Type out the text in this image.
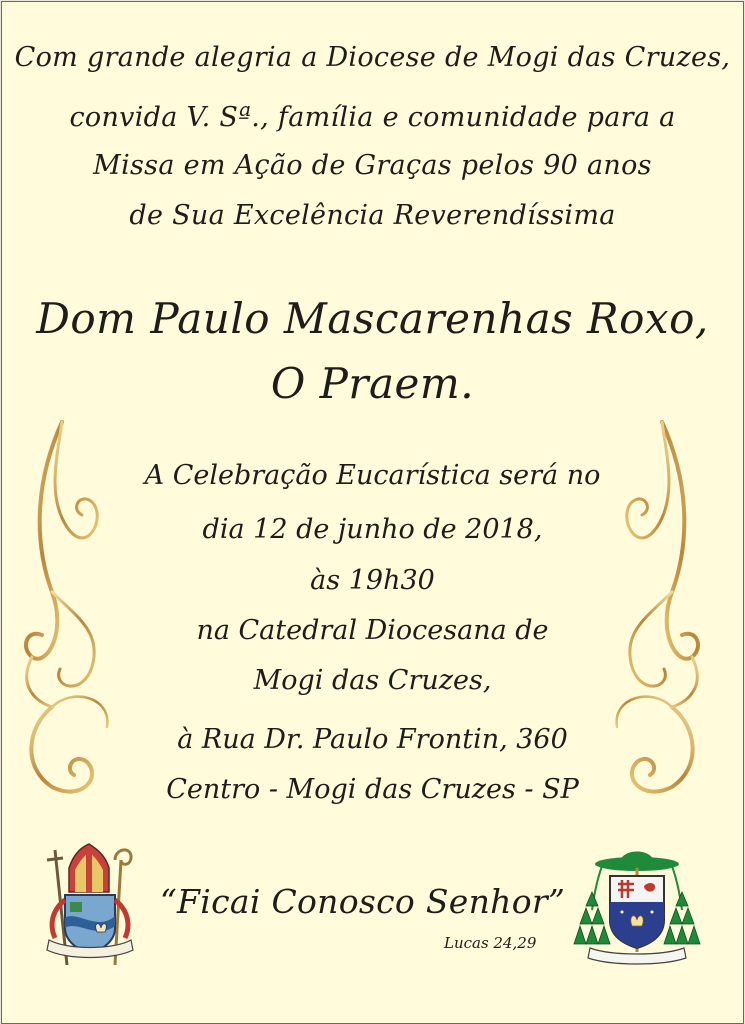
Com grande alegria a Diocese de Mogi das Cruzes,
convida V. Sª., família e comunidade para a
Missa em Ação de Graças pelos 90 anos
de Sua Excelência Reverendíssima
Dom Paulo Mascarenhas Roxo,
O Praem.
A Celebração Eucarística será no
dia 12 de junho de 2018,
às 19h30
na Catedral Diocesana de
Mogi das Cruzes,
à Rua Dr. Paulo Frontin, 360
Centro - Mogi das Cruzes - SP
“Ficai Conosco Senhor”
Lucas 24,29
